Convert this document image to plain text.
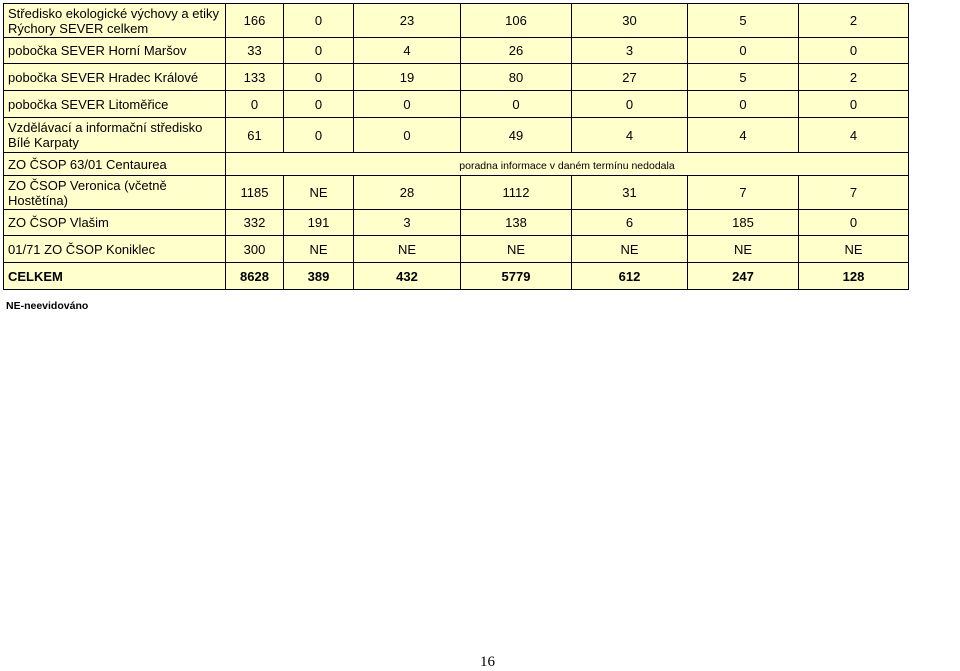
Středisko ekologické výchovy a etiky Rýchory SEVER celkem	166	0	23	106	30	5	2
pobočka SEVER Horní Maršov	33	0	4	26	3	0	0
pobočka SEVER Hradec Králové	133	0	19	80	27	5	2
pobočka SEVER Litoměřice	0	0	0	0	0	0	0
Vzdělávací a informační středisko Bílé Karpaty	61	0	0	49	4	4	4
ZO ČSOP 63/01 Centaurea	poradna informace v daném termínu nedodala						
ZO ČSOP Veronica (včetně Hostětína)	1185	NE	28	1112	31	7	7
ZO ČSOP Vlašim	332	191	3	138	6	185	0
01/71 ZO ČSOP Koniklec	300	NE	NE	NE	NE	NE	NE
CELKEM	8628	389	432	5779	612	247	128
NE-neevidováno
16
